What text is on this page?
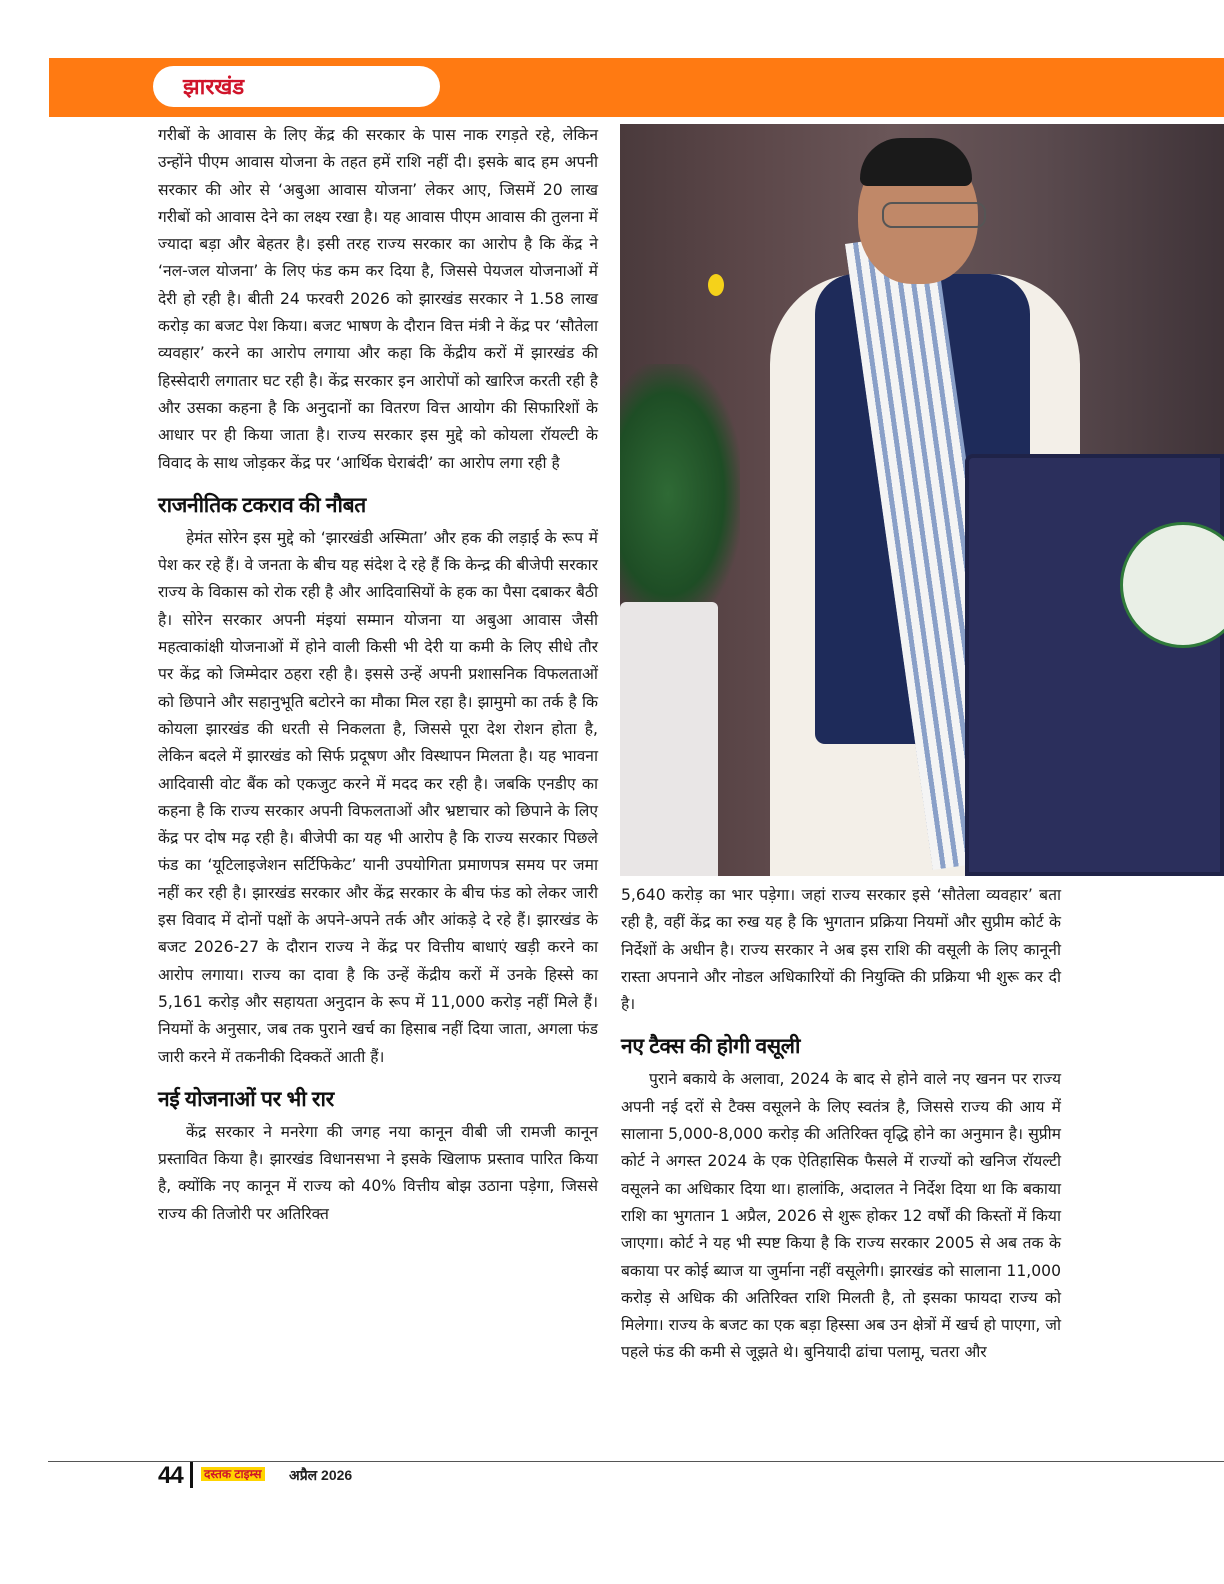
झारखंड

गरीबों के आवास के लिए केंद्र की सरकार के पास नाक रगड़ते रहे, लेकिन उन्होंने पीएम आवास योजना के तहत हमें राशि नहीं दी। इसके बाद हम अपनी सरकार की ओर से ‘अबुआ आवास योजना’ लेकर आए, जिसमें 20 लाख गरीबों को आवास देने का लक्ष्य रखा है। यह आवास पीएम आवास की तुलना में ज्यादा बड़ा और बेहतर है। इसी तरह राज्य सरकार का आरोप है कि केंद्र ने ‘नल-जल योजना’ के लिए फंड कम कर दिया है, जिससे पेयजल योजनाओं में देरी हो रही है। बीती 24 फरवरी 2026 को झारखंड सरकार ने 1.58 लाख करोड़ का बजट पेश किया। बजट भाषण के दौरान वित्त मंत्री ने केंद्र पर ‘सौतेला व्यवहार’ करने का आरोप लगाया और कहा कि केंद्रीय करों में झारखंड की हिस्सेदारी लगातार घट रही है। केंद्र सरकार इन आरोपों को खारिज करती रही है और उसका कहना है कि अनुदानों का वितरण वित्त आयोग की सिफारिशों के आधार पर ही किया जाता है। राज्य सरकार इस मुद्दे को कोयला रॉयल्टी के विवाद के साथ जोड़कर केंद्र पर ‘आर्थिक घेराबंदी’ का आरोप लगा रही है

राजनीतिक टकराव की नौबत

हेमंत सोरेन इस मुद्दे को ‘झारखंडी अस्मिता’ और हक की लड़ाई के रूप में पेश कर रहे हैं। वे जनता के बीच यह संदेश दे रहे हैं कि केन्द्र की बीजेपी सरकार राज्य के विकास को रोक रही है और आदिवासियों के हक का पैसा दबाकर बैठी है। सोरेन सरकार अपनी मंइयां सम्मान योजना या अबुआ आवास जैसी महत्वाकांक्षी योजनाओं में होने वाली किसी भी देरी या कमी के लिए सीधे तौर पर केंद्र को जिम्मेदार ठहरा रही है। इससे उन्हें अपनी प्रशासनिक विफलताओं को छिपाने और सहानुभूति बटोरने का मौका मिल रहा है। झामुमो का तर्क है कि कोयला झारखंड की धरती से निकलता है, जिससे पूरा देश रोशन होता है, लेकिन बदले में झारखंड को सिर्फ प्रदूषण और विस्थापन मिलता है। यह भावना आदिवासी वोट बैंक को एकजुट करने में मदद कर रही है। जबकि एनडीए का कहना है कि राज्य सरकार अपनी विफलताओं और भ्रष्टाचार को छिपाने के लिए केंद्र पर दोष मढ़ रही है। बीजेपी का यह भी आरोप है कि राज्य सरकार पिछले फंड का ‘यूटिलाइजेशन सर्टिफिकेट’ यानी उपयोगिता प्रमाणपत्र समय पर जमा नहीं कर रही है। झारखंड सरकार और केंद्र सरकार के बीच फंड को लेकर जारी इस विवाद में दोनों पक्षों के अपने-अपने तर्क और आंकड़े दे रहे हैं। झारखंड के बजट 2026-27 के दौरान राज्य ने केंद्र पर वित्तीय बाधाएं खड़ी करने का आरोप लगाया। राज्य का दावा है कि उन्हें केंद्रीय करों में उनके हिस्से का 5,161 करोड़ और सहायता अनुदान के रूप में 11,000 करोड़ नहीं मिले हैं। नियमों के अनुसार, जब तक पुराने खर्च का हिसाब नहीं दिया जाता, अगला फंड जारी करने में तकनीकी दिक्कतें आती हैं।

नई योजनाओं पर भी रार

केंद्र सरकार ने मनरेगा की जगह नया कानून वीबी जी रामजी कानून प्रस्तावित किया है। झारखंड विधानसभा ने इसके खिलाफ प्रस्ताव पारित किया है, क्योंकि नए कानून में राज्य को 40% वित्तीय बोझ उठाना पड़ेगा, जिससे राज्य की तिजोरी पर अतिरिक्त

5,640 करोड़ का भार पड़ेगा। जहां राज्य सरकार इसे ‘सौतेला व्यवहार’ बता रही है, वहीं केंद्र का रुख यह है कि भुगतान प्रक्रिया नियमों और सुप्रीम कोर्ट के निर्देशों के अधीन है। राज्य सरकार ने अब इस राशि की वसूली के लिए कानूनी रास्ता अपनाने और नोडल अधिकारियों की नियुक्ति की प्रक्रिया भी शुरू कर दी है।

नए टैक्स की होगी वसूली

पुराने बकाये के अलावा, 2024 के बाद से होने वाले नए खनन पर राज्य अपनी नई दरों से टैक्स वसूलने के लिए स्वतंत्र है, जिससे राज्य की आय में सालाना 5,000-8,000 करोड़ की अतिरिक्त वृद्धि होने का अनुमान है। सुप्रीम कोर्ट ने अगस्त 2024 के एक ऐतिहासिक फैसले में राज्यों को खनिज रॉयल्टी वसूलने का अधिकार दिया था। हालांकि, अदालत ने निर्देश दिया था कि बकाया राशि का भुगतान 1 अप्रैल, 2026 से शुरू होकर 12 वर्षों की किस्तों में किया जाएगा। कोर्ट ने यह भी स्पष्ट किया है कि राज्य सरकार 2005 से अब तक के बकाया पर कोई ब्याज या जुर्माना नहीं वसूलेगी। झारखंड को सालाना 11,000 करोड़ से अधिक की अतिरिक्त राशि मिलती है, तो इसका फायदा राज्य को मिलेगा। राज्य के बजट का एक बड़ा हिस्सा अब उन क्षेत्रों में खर्च हो पाएगा, जो पहले फंड की कमी से जूझते थे। बुनियादी ढांचा पलामू, चतरा और

44 दस्तक टाइम्स अप्रैल 2026
